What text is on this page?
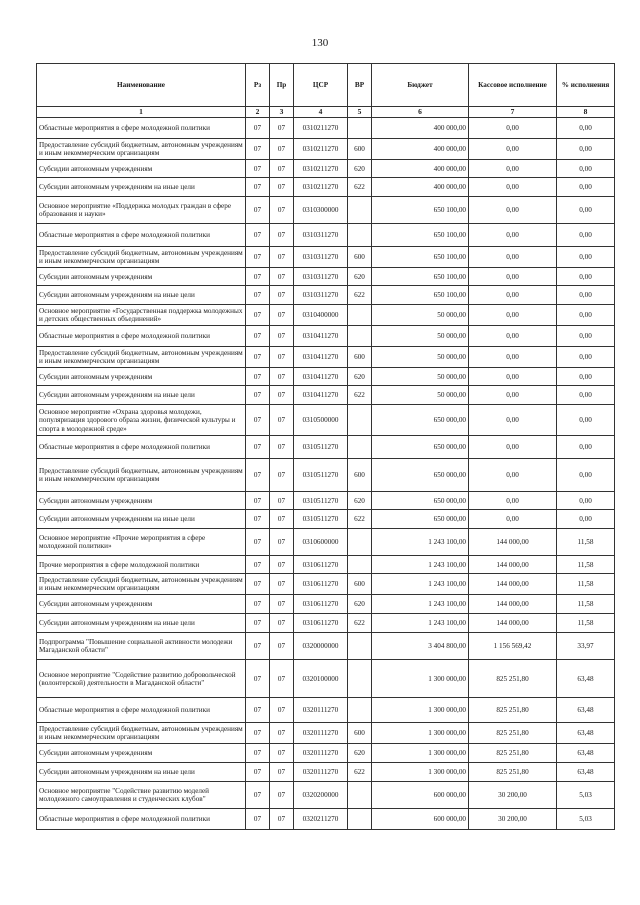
130
Наименование	Рз	Пр	ЦСР	ВР	Бюджет	Кассовое исполнение	% исполнения
1	2	3	4	5	6	7	8
Областные мероприятия в сфере молодежной политики	07	07	0310211270		400 000,00	0,00	0,00
Предоставление субсидий бюджетным, автономным учреждениям и иным некоммерческим организациям	07	07	0310211270	600	400 000,00	0,00	0,00
Субсидии автономным учреждениям	07	07	0310211270	620	400 000,00	0,00	0,00
Субсидии автономным учреждениям на иные цели	07	07	0310211270	622	400 000,00	0,00	0,00
Основное мероприятие «Поддержка молодых граждан в сфере образования и науки»	07	07	0310300000		650 100,00	0,00	0,00
Областные мероприятия в сфере молодежной политики	07	07	0310311270		650 100,00	0,00	0,00
Предоставление субсидий бюджетным, автономным учреждениям и иным некоммерческим организациям	07	07	0310311270	600	650 100,00	0,00	0,00
Субсидии автономным учреждениям	07	07	0310311270	620	650 100,00	0,00	0,00
Субсидии автономным учреждениям на иные цели	07	07	0310311270	622	650 100,00	0,00	0,00
Основное мероприятие «Государственная поддержка молодежных и детских общественных объединений»	07	07	0310400000		50 000,00	0,00	0,00
Областные мероприятия в сфере молодежной политики	07	07	0310411270		50 000,00	0,00	0,00
Предоставление субсидий бюджетным, автономным учреждениям и иным некоммерческим организациям	07	07	0310411270	600	50 000,00	0,00	0,00
Субсидии автономным учреждениям	07	07	0310411270	620	50 000,00	0,00	0,00
Субсидии автономным учреждениям на иные цели	07	07	0310411270	622	50 000,00	0,00	0,00
Основное мероприятие «Охрана здоровья молодежи, популяризация здорового образа жизни, физической культуры и спорта в молодежной среде»	07	07	0310500000		650 000,00	0,00	0,00
Областные мероприятия в сфере молодежной политики	07	07	0310511270		650 000,00	0,00	0,00
Предоставление субсидий бюджетным, автономным учреждениям и иным некоммерческим организациям	07	07	0310511270	600	650 000,00	0,00	0,00
Субсидии автономным учреждениям	07	07	0310511270	620	650 000,00	0,00	0,00
Субсидии автономным учреждениям на иные цели	07	07	0310511270	622	650 000,00	0,00	0,00
Основное мероприятие «Прочие мероприятия в сфере молодежной политики»	07	07	0310600000		1 243 100,00	144 000,00	11,58
Прочие мероприятия в сфере молодежной политики	07	07	0310611270		1 243 100,00	144 000,00	11,58
Предоставление субсидий бюджетным, автономным учреждениям и иным некоммерческим организациям	07	07	0310611270	600	1 243 100,00	144 000,00	11,58
Субсидии автономным учреждениям	07	07	0310611270	620	1 243 100,00	144 000,00	11,58
Субсидии автономным учреждениям на иные цели	07	07	0310611270	622	1 243 100,00	144 000,00	11,58
Подпрограмма "Повышение социальной активности молодежи Магаданской области"	07	07	0320000000		3 404 800,00	1 156 569,42	33,97
Основное мероприятие "Содействие развитию добровольческой (волонтерской) деятельности в Магаданской области"	07	07	0320100000		1 300 000,00	825 251,80	63,48
Областные мероприятия в сфере молодежной политики	07	07	0320111270		1 300 000,00	825 251,80	63,48
Предоставление субсидий бюджетным, автономным учреждениям и иным некоммерческим организациям	07	07	0320111270	600	1 300 000,00	825 251,80	63,48
Субсидии автономным учреждениям	07	07	0320111270	620	1 300 000,00	825 251,80	63,48
Субсидии автономным учреждениям на иные цели	07	07	0320111270	622	1 300 000,00	825 251,80	63,48
Основное мероприятие "Содействие развитию моделей молодежного самоуправления и студенческих клубов"	07	07	0320200000		600 000,00	30 200,00	5,03
Областные мероприятия в сфере молодежной политики	07	07	0320211270		600 000,00	30 200,00	5,03
